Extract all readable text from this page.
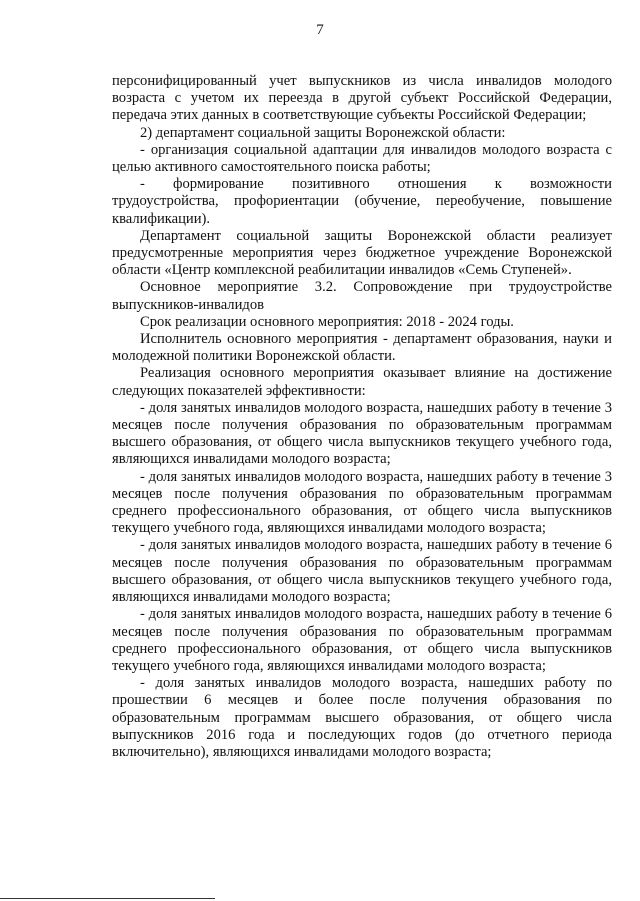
7

персонифицированный учет выпускников из числа инвалидов молодого возраста с учетом их переезда в другой субъект Российской Федерации, передача этих данных в соответствующие субъекты Российской Федерации;

2) департамент социальной защиты Воронежской области:

- организация социальной адаптации для инвалидов молодого возраста с целью активного самостоятельного поиска работы;

-      формирование      позитивного      отношения      к      возможности трудоустройства, профориентации (обучение, переобучение, повышение квалификации).

Департамент социальной защиты Воронежской области реализует предусмотренные мероприятия через бюджетное учреждение Воронежской области «Центр комплексной реабилитации инвалидов «Семь Ступеней».

Основное мероприятие 3.2. Сопровождение при трудоустройстве выпускников-инвалидов

Срок реализации основного мероприятия: 2018 - 2024 годы.

Исполнитель основного мероприятия - департамент образования, науки и молодежной политики Воронежской области.

Реализация основного мероприятия оказывает влияние на достижение следующих показателей эффективности:

- доля занятых инвалидов молодого возраста, нашедших работу в течение 3 месяцев после получения образования по образовательным программам высшего образования, от общего числа выпускников текущего учебного года, являющихся инвалидами молодого возраста;

- доля занятых инвалидов молодого возраста, нашедших работу в течение 3 месяцев после получения образования по образовательным программам среднего профессионального образования, от общего числа выпускников текущего учебного года, являющихся инвалидами молодого возраста;

- доля занятых инвалидов молодого возраста, нашедших работу в течение 6 месяцев после получения образования по образовательным программам высшего образования, от общего числа выпускников текущего учебного года, являющихся инвалидами молодого возраста;

- доля занятых инвалидов молодого возраста, нашедших работу в течение 6 месяцев после получения образования по образовательным программам среднего профессионального образования, от общего числа выпускников текущего учебного года, являющихся инвалидами молодого возраста;

- доля занятых инвалидов молодого возраста, нашедших работу по прошествии 6 месяцев и более после получения образования по образовательным программам высшего образования, от общего числа выпускников 2016 года и последующих годов (до отчетного периода включительно), являющихся инвалидами молодого возраста;
